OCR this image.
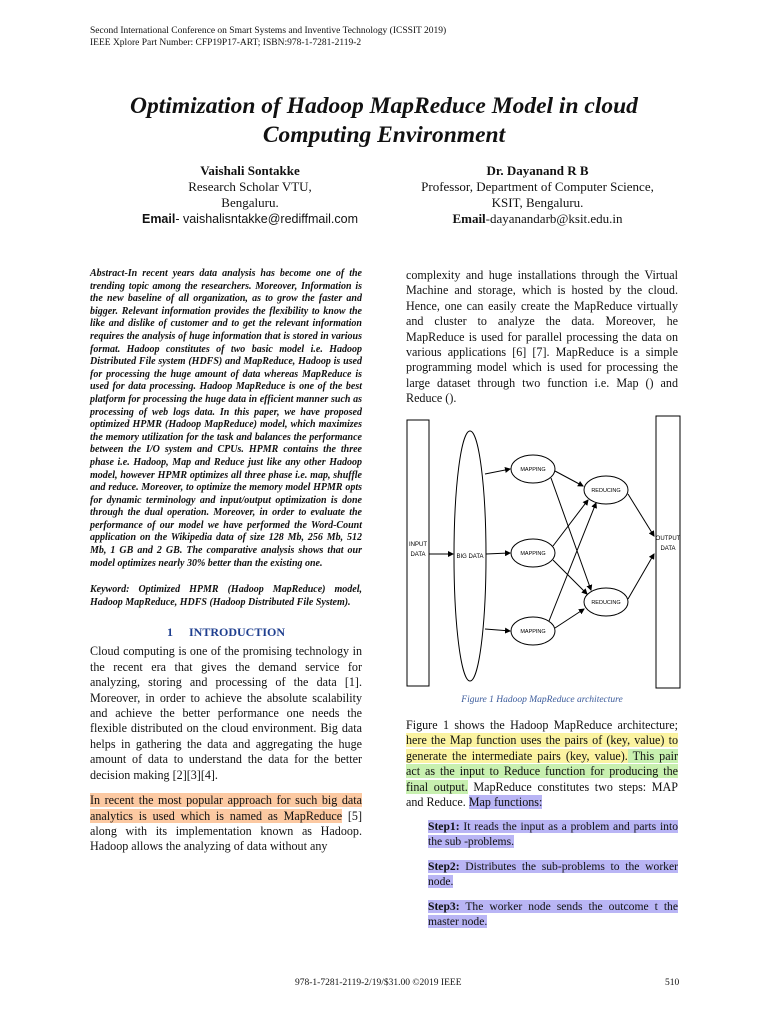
Second International Conference on Smart Systems and Inventive Technology (ICSSIT 2019)
IEEE Xplore Part Number: CFP19P17-ART; ISBN:978-1-7281-2119-2
Optimization of Hadoop MapReduce Model in cloud
Computing Environment
Vaishali Sontakke
Research Scholar VTU,
Bengaluru.
Email- vaishalisntakke@rediffmail.com
Dr. Dayanand R B
Professor, Department of Computer Science,
KSIT, Bengaluru.
Email-dayanandarb@ksit.edu.in

Abstract-In recent years data analysis has become one of the trending topic among the researchers. Moreover, Information is the new baseline of all organization, as to grow the faster and bigger. Relevant information provides the flexibility to know the like and dislike of customer and to get the relevant information requires the analysis of huge information that is stored in various format. Hadoop constitutes of two basic model i.e. Hadoop Distributed File system (HDFS) and MapReduce, Hadoop is used for processing the huge amount of data whereas MapReduce is used for data processing. Hadoop MapReduce is one of the best platform for processing the huge data in efficient manner such as processing of web logs data. In this paper, we have proposed optimized HPMR (Hadoop MapReduce) model, which maximizes the memory utilization for the task and balances the performance between the I/O system and CPUs. HPMR contains the three phase i.e. Hadoop, Map and Reduce just like any other Hadoop model, however HPMR optimizes all three phase i.e. map, shuffle and reduce. Moreover, to optimize the memory model HPMR opts for dynamic terminology and input/output optimization is done through the dual operation. Moreover, in order to evaluate the performance of our model we have performed the Word-Count application on the Wikipedia data of size 128 Mb, 256 Mb, 512 Mb, 1 GB and 2 GB. The comparative analysis shows that our model optimizes nearly 30% better than the existing one.

Keyword: Optimized HPMR (Hadoop MapReduce) model, Hadoop MapReduce, HDFS (Hadoop Distributed File System).

1 INTRODUCTION

Cloud computing is one of the promising technology in the recent era that gives the demand service for analyzing, storing and processing of the data [1]. Moreover, in order to achieve the absolute scalability and achieve the better performance one needs the flexible distributed on the cloud environment. Big data helps in gathering the data and aggregating the huge amount of data to understand the data for the better decision making [2][3][4].

In recent the most popular approach for such big data analytics is used which is named as MapReduce [5] along with its implementation known as Hadoop. Hadoop allows the analyzing of data without any

complexity and huge installations through the Virtual Machine and storage, which is hosted by the cloud. Hence, one can easily create the MapReduce virtually and cluster to analyze the data. Moreover, he MapReduce is used for parallel processing the data on various applications [6] [7]. MapReduce is a simple programming model which is used for processing the large dataset through two function i.e. Map () and Reduce ().

INPUT
DATA	BIG DATA
MAPPING
MAPPING
MAPPING
REDUCING
REDUCING
OUTPUT
DATA
Figure 1 Hadoop MapReduce architecture

Figure 1 shows the Hadoop MapReduce architecture; here the Map function uses the pairs of (key, value) to generate the intermediate pairs (key, value). This pair act as the input to Reduce function for producing the final output. MapReduce constitutes two steps: MAP and Reduce. Map functions:

Step1: It reads the input as a problem and parts into the sub -problems.
Step2: Distributes the sub-problems to the worker node.
Step3: The worker node sends the outcome t the master node.
978-1-7281-2119-2/19/$31.00 ©2019 IEEE	510
